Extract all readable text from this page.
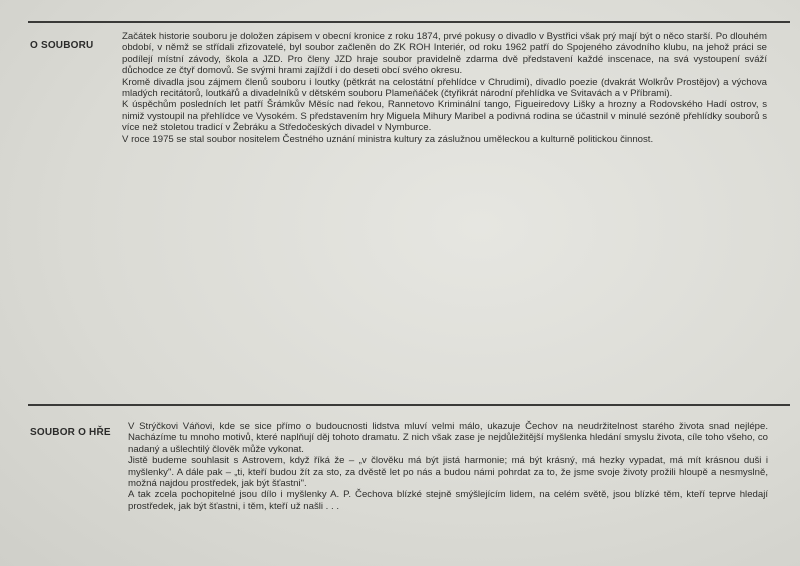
O SOUBORU

Začátek historie souboru je doložen zápisem v obecní kronice z roku 1874, prvé pokusy o divadlo v Bystřici však prý mají být o něco starší. Po dlouhém období, v němž se střídali zřizovatelé, byl soubor začleněn do ZK ROH Interiér, od roku 1962 patří do Spojeného závodního klubu, na jehož práci se podílejí místní závody, škola a JZD. Pro členy JZD hraje soubor pravidelně zdarma dvě představení každé inscenace, na svá vystoupení sváží důchodce ze čtyř domovů. Se svými hrami zajíždí i do deseti obcí svého okresu.

Kromě divadla jsou zájmem členů souboru i loutky (pětkrát na celostátní přehlídce v Chrudimi), divadlo poezie (dvakrát Wolkrův Prostějov) a výchova mladých recitátorů, loutkářů a divadelníků v dětském souboru Plameňáček (čtyřikrát národní přehlídka ve Svitavách a v Příbrami).

K úspěchům posledních let patří Šrámkův Měsíc nad řekou, Rannetovo Kriminální tango, Figueiredovy Lišky a hrozny a Rodovského Hadí ostrov, s nimiž vystoupil na přehlídce ve Vysokém. S představením hry Miguela Mihury Maribel a podivná rodina se účastnil v minulé sezóně přehlídky souborů s více než stoletou tradicí v Žebráku a Středočeských divadel v Nymburce.

V roce 1975 se stal soubor nositelem Čestného uznání ministra kultury za záslužnou uměleckou a kulturně politickou činnost.

SOUBOR O HŘE

V Strýčkovi Váňovi, kde se sice přímo o budoucnosti lidstva mluví velmi málo, ukazuje Čechov na neudržitelnost starého života snad nejlépe. Nacházíme tu mnoho motivů, které naplňují děj tohoto dramatu. Z nich však zase je nejdůležitější myšlenka hledání smyslu života, cíle toho všeho, co nadaný a ušlechtilý člověk může vykonat.

Jistě budeme souhlasit s Astrovem, když říká že – „v člověku má být jistá harmonie; má být krásný, má hezky vypadat, má mít krásnou duši i myšlenky". A dále pak – „ti, kteří budou žít za sto, za dvěstě let po nás a budou námi pohrdat za to, že jsme svoje životy prožili hloupě a nesmyslně, možná najdou prostředek, jak být šťastni".

A tak zcela pochopitelné jsou dílo i myšlenky A. P. Čechova blízké stejně smýšlejícím lidem, na celém světě, jsou blízké těm, kteří teprve hledají prostředek, jak být šťastni, i těm, kteří už našli . . .
